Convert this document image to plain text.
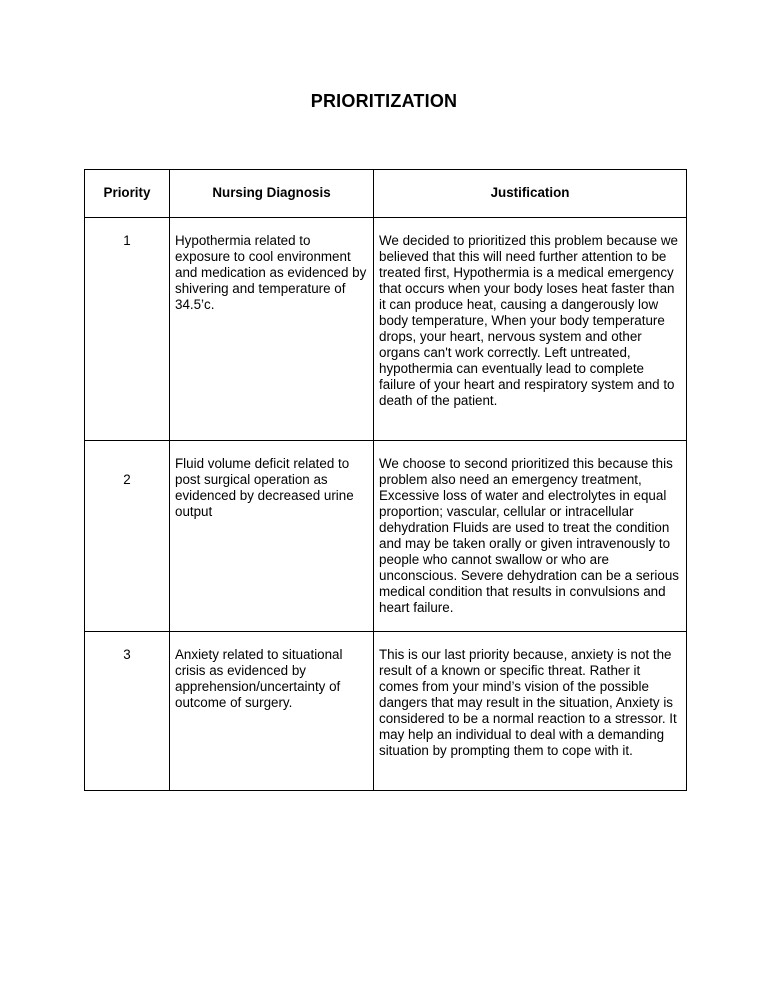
PRIORITIZATION
Priority	Nursing Diagnosis	Justification
1	Hypothermia related to exposure to cool environment and medication as evidenced by shivering and temperature of 34.5’c.	We decided to prioritized this problem because we believed that this will need further attention to be treated first, Hypothermia is a medical emergency that occurs when your body loses heat faster than it can produce heat, causing a dangerously low body temperature, When your body temperature drops, your heart, nervous system and other organs can't work correctly. Left untreated, hypothermia can eventually lead to complete failure of your heart and respiratory system and to death of the patient.
2	Fluid volume deficit related to post surgical operation as evidenced by decreased urine output	We choose to second prioritized this because this problem also need an emergency treatment, Excessive loss of water and electrolytes in equal proportion; vascular, cellular or intracellular dehydration Fluids are used to treat the condition and may be taken orally or given intravenously to people who cannot swallow or who are unconscious. Severe dehydration can be a serious medical condition that results in convulsions and heart failure.
3	Anxiety related to situational crisis as evidenced by apprehension/uncertainty of outcome of surgery.	This is our last priority because, anxiety is not the result of a known or specific threat. Rather it comes from your mind’s vision of the possible dangers that may result in the situation, Anxiety is considered to be a normal reaction to a stressor. It may help an individual to deal with a demanding situation by prompting them to cope with it.
